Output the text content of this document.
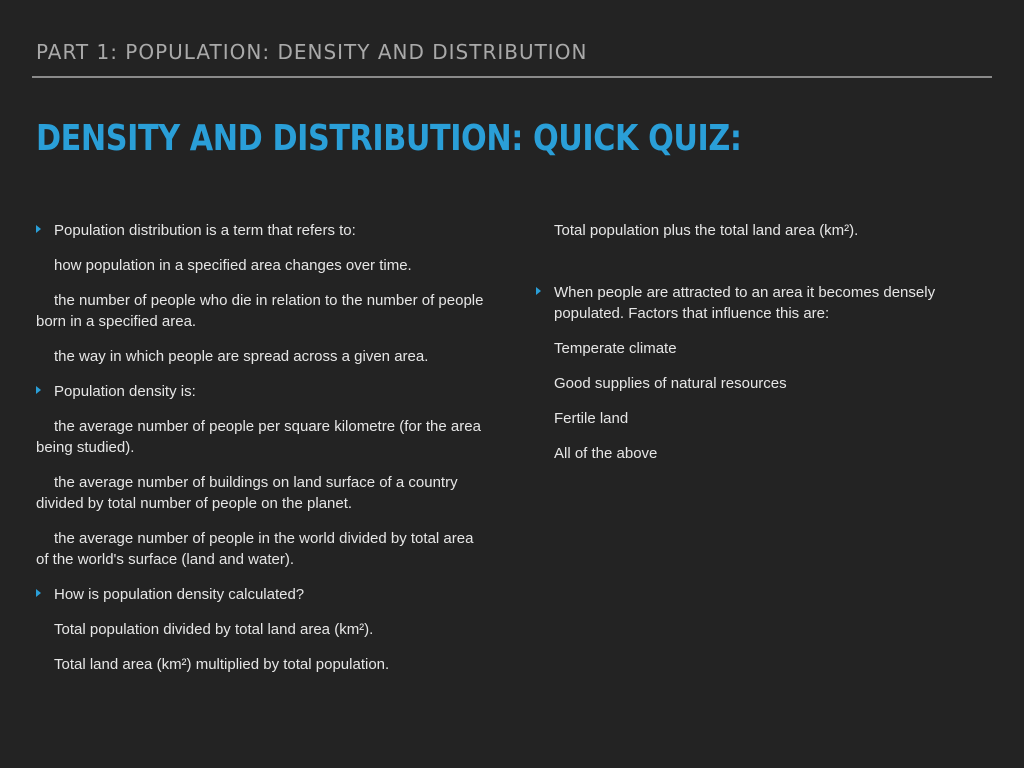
PART 1: POPULATION: DENSITY AND DISTRIBUTION
DENSITY AND DISTRIBUTION: QUICK QUIZ:
Population distribution is a term that refers to:
how population in a specified area changes over time.
the number of people who die in relation to the number of people born in a specified area.
the way in which people are spread across a given area.
Population density is:
the average number of people per square kilometre (for the area being studied).
the average number of buildings on land surface of a country divided by total number of people on the planet.
the average number of people in the world divided by total area of the world's surface (land and water).
How is population density calculated?
Total population divided by total land area (km²).
Total land area (km²) multiplied by total population.
Total population plus the total land area (km²).
When people are attracted to an area it becomes densely populated. Factors that influence this are:
Temperate climate
Good supplies of natural resources
Fertile land
All of the above
